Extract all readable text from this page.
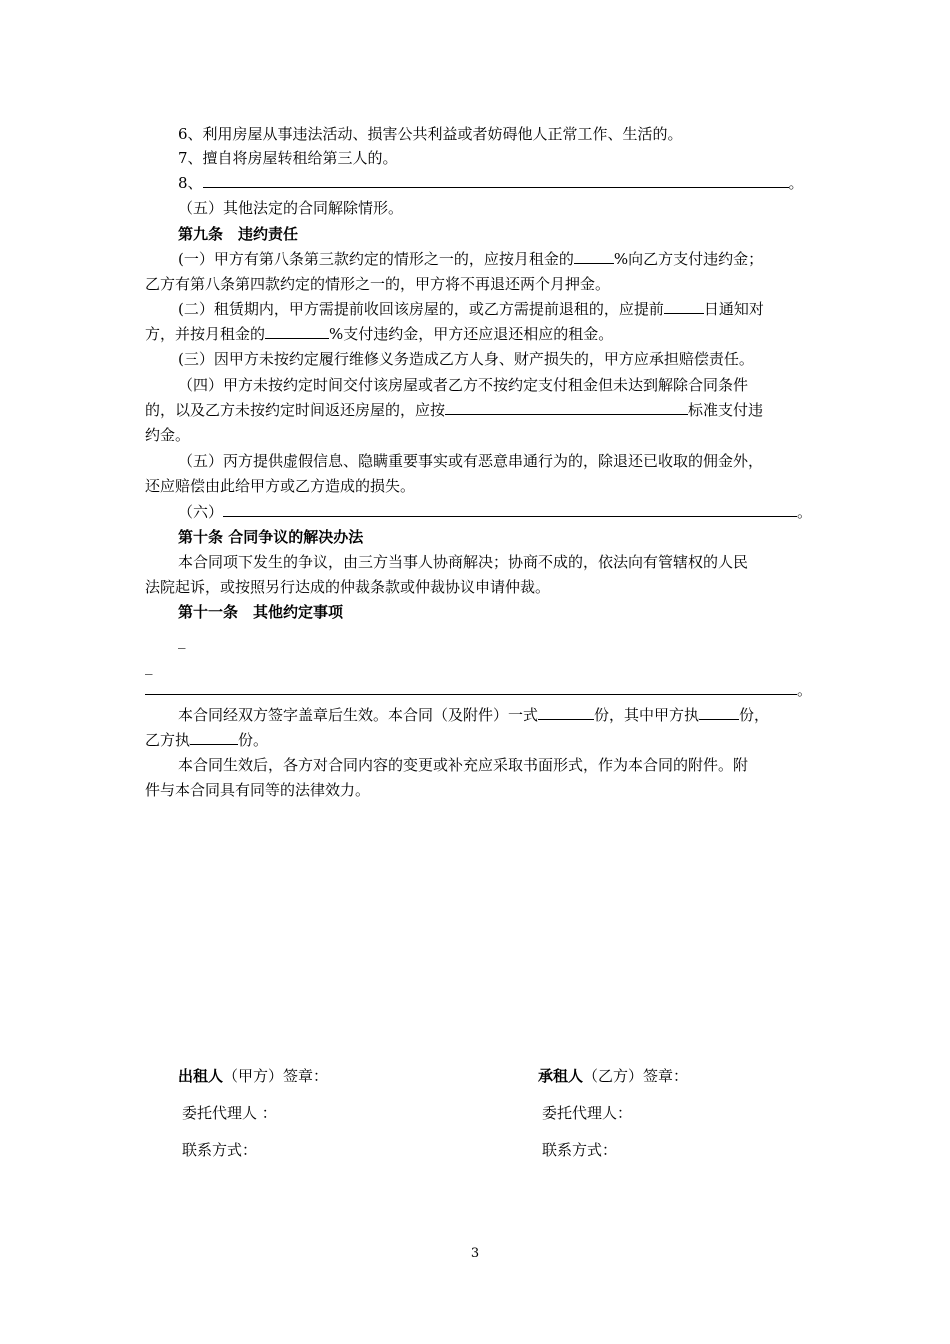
6、利用房屋从事违法活动、损害公共利益或者妨碍他人正常工作、生活的。
7、擅自将房屋转租给第三人的。
8、	。
（五）其他法定的合同解除情形。
第九条　违约责任
(一）甲方有第八条第三款约定的情形之一的，应按月租金的	%向乙方支付违约金；
乙方有第八条第四款约定的情形之一的，甲方将不再退还两个月押金。
(二）租赁期内，甲方需提前收回该房屋的，或乙方需提前退租的，应提前	日通知对
方，并按月租金的	%支付违约金，甲方还应退还相应的租金。
(三）因甲方未按约定履行维修义务造成乙方人身、财产损失的，甲方应承担赔偿责任。
（四）甲方未按约定时间交付该房屋或者乙方不按约定支付租金但未达到解除合同条件
的，以及乙方未按约定时间返还房屋的，应按	标准支付违
约金。
（五）丙方提供虚假信息、隐瞒重要事实或有恶意串通行为的，除退还已收取的佣金外，
还应赔偿由此给甲方或乙方造成的损失。
（六）	。
第十条 合同争议的解决办法
本合同项下发生的争议，由三方当事人协商解决；协商不成的，依法向有管辖权的人民
法院起诉，或按照另行达成的仲裁条款或仲裁协议申请仲裁。
第十一条　其他约定事项
_
_
。
本合同经双方签字盖章后生效。本合同（及附件）一式	份，其中甲方执	份，
乙方执	份。
本合同生效后，各方对合同内容的变更或补充应采取书面形式，作为本合同的附件。附
件与本合同具有同等的法律效力。
出租人（甲方）签章：
委托代理人 ：
联系方式：
承租人（乙方）签章：
委托代理人：
联系方式：
3
